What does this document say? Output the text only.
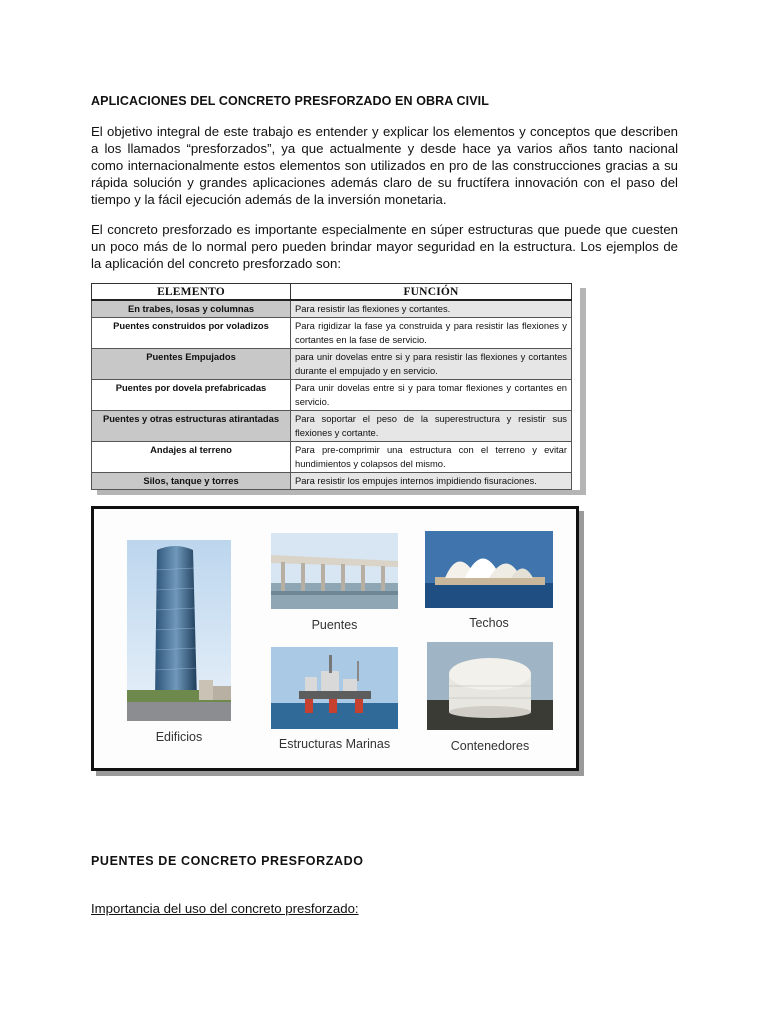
APLICACIONES DEL CONCRETO PRESFORZADO EN OBRA CIVIL

El objetivo integral de este trabajo es entender y explicar los elementos y conceptos que describen a los llamados “presforzados”, ya que actualmente y desde hace ya varios años tanto nacional como internacionalmente estos elementos son utilizados en pro de las construcciones gracias a su rápida solución y grandes aplicaciones además claro de su fructífera innovación con el paso del tiempo y la fácil ejecución además de la inversión monetaria.

El concreto presforzado es importante especialmente en súper estructuras que puede que cuesten un poco más de lo normal pero pueden brindar mayor seguridad en la estructura. Los ejemplos de la aplicación del concreto presforzado son:

ELEMENTO	FUNCIÓN
En trabes, losas y columnas	Para resistir las flexiones y cortantes.
Puentes construidos por voladizos	Para rigidizar la fase ya construida y para resistir las flexiones y cortantes en la fase de servicio.
Puentes Empujados	para unir dovelas entre si y para resistir las flexiones y cortantes durante el empujado y en servicio.
Puentes por dovela prefabricadas	Para unir dovelas entre si y para tomar flexiones y cortantes en servicio.
Puentes y otras estructuras atirantadas	Para soportar el peso de la superestructura y resistir sus flexiones y cortante.
Andajes al terreno	Para pre-comprimir una estructura con el terreno y evitar hundimientos y colapsos del mismo.
Silos, tanque y torres	Para resistir los empujes internos impidiendo fisuraciones.
Puentes	Techos
Estructuras Marinas	Contenedores
Edificios
PUENTES DE CONCRETO PRESFORZADO

Importancia del uso del concreto presforzado:
